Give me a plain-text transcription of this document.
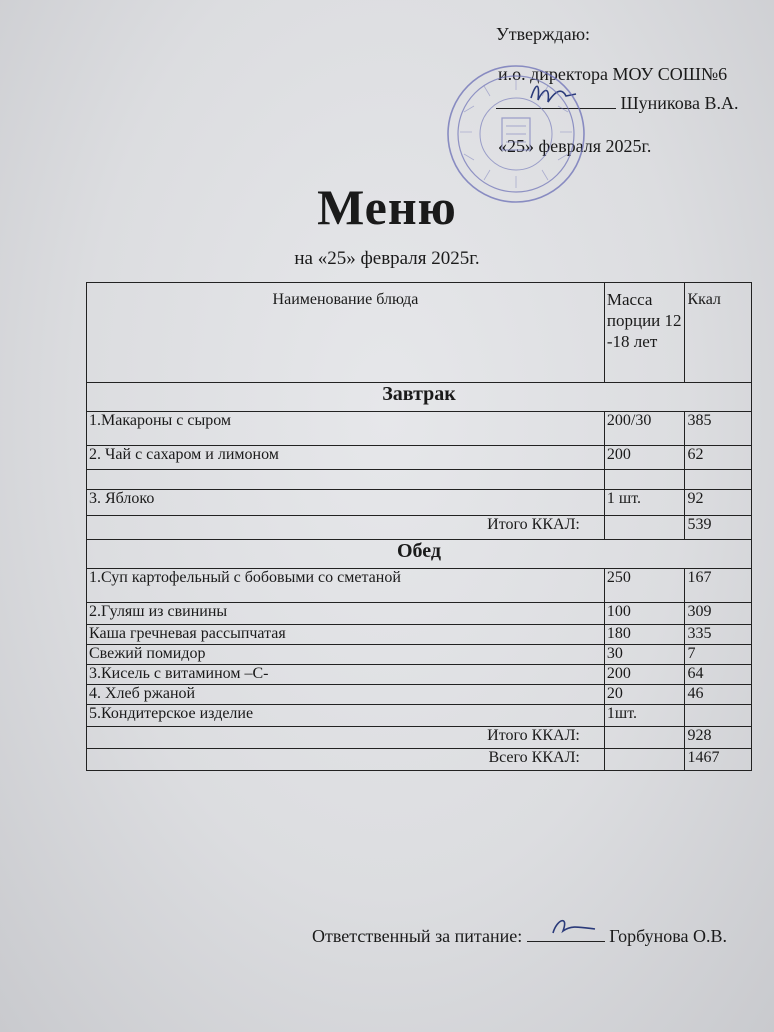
Утверждаю:
и.о. директора МОУ СОШ№6
Шуникова В.А.
«25» февраля 2025г.
Меню
на «25» февраля 2025г.
Наименование блюда	Масса порции 12 -18 лет	Ккал
Завтрак		
1.Макароны с сыром	200/30	385
2. Чай с сахаром и лимоном	200	62

3. Яблоко	1 шт.	92
Итого ККАЛ:		539
Обед		
1.Суп картофельный с бобовыми со сметаной	250	167
2.Гуляш из свинины	100	309
Каша гречневая рассыпчатая	180	335
Свежий помидор	30	7
3.Кисель с витамином –С-	200	64
4. Хлеб ржаной	20	46
5.Кондитерское изделие	1шт.	
Итого ККАЛ:		928
Всего ККАЛ:		1467
Ответственный за питание:	Горбунова О.В.
